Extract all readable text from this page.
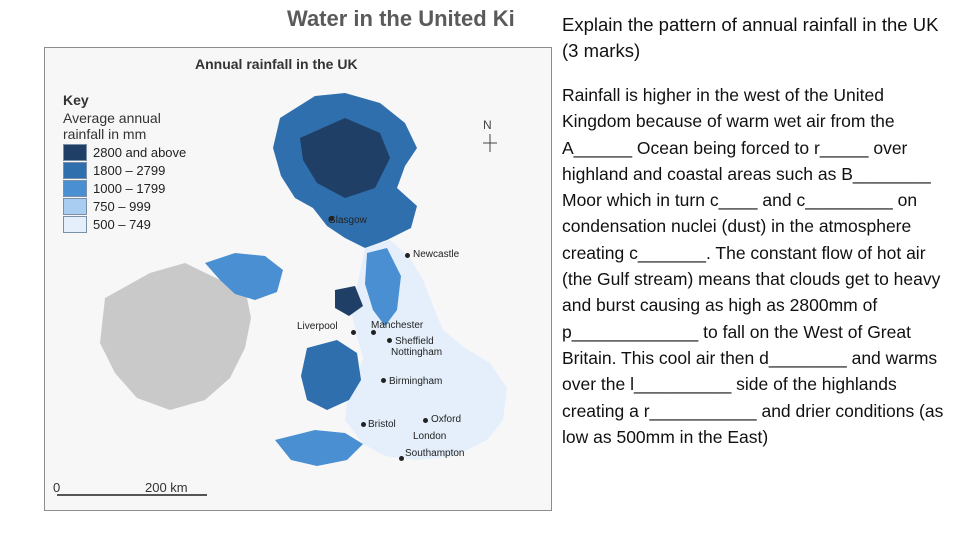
Water in the United Ki
Annual rainfall in the UK
Key
Average annual rainfall in mm
2800 and above
1800 – 2799
1000 – 1799
750 – 999
500 – 749
N
Glasgow
Newcastle
Liverpool	Manchester
Sheffield
Nottingham
Birmingham
Bristol	Oxford
London
Southampton
0	200 km

Explain the pattern of annual rainfall in the UK (3 marks)

Rainfall is higher in the west of the United Kingdom because of warm wet air from the A______ Ocean being forced to r_____ over highland and coastal areas such as B________ Moor which in turn c____ and c_________ on condensation nuclei (dust) in the atmosphere creating c_______. The constant flow of hot air (the Gulf stream) means that clouds get to heavy and burst causing as high as 2800mm of p_____________ to fall on the West of Great Britain. This cool air then d________ and warms over the l__________ side of the highlands creating a r___________ and drier conditions (as low as 500mm in the East)
